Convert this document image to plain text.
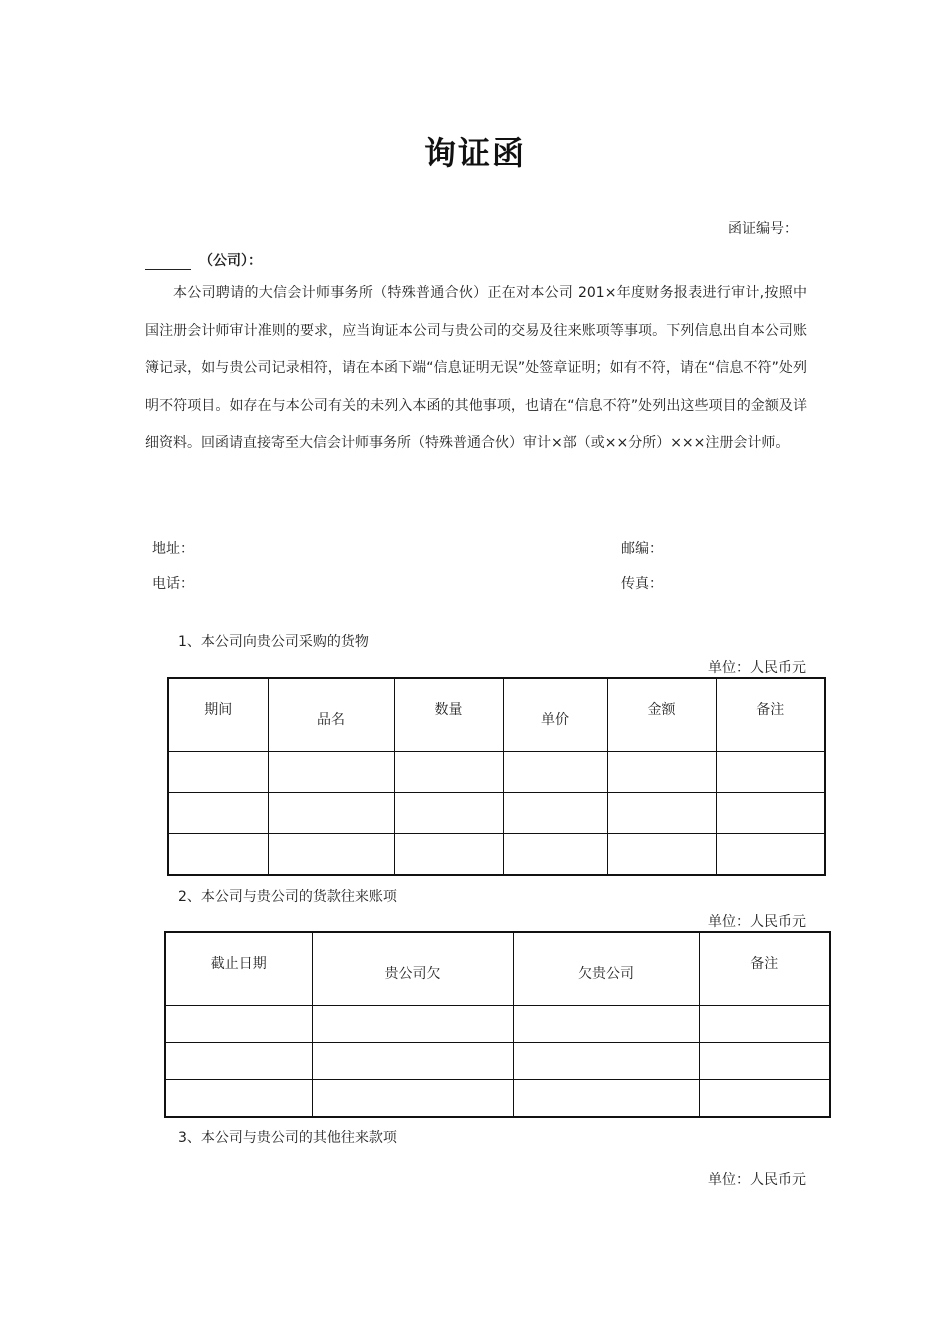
询证函
函证编号：
（公司）：
本公司聘请的大信会计师事务所（特殊普通合伙）正在对本公司 201×年度财务报表进行审计,按照中国注册会计师审计准则的要求，应当询证本公司与贵公司的交易及往来账项等事项。下列信息出自本公司账簿记录，如与贵公司记录相符，请在本函下端“信息证明无误”处签章证明；如有不符，请在“信息不符”处列明不符项目。如存在与本公司有关的未列入本函的其他事项，也请在“信息不符”处列出这些项目的金额及详细资料。回函请直接寄至大信会计师事务所（特殊普通合伙）审计×部（或××分所）×××注册会计师。
地址：	邮编：
电话：	传真：
1、本公司向贵公司采购的货物
单位：人民币元
期间	品名	数量	单价	金额	备注

2、本公司与贵公司的货款往来账项
单位：人民币元
截止日期	贵公司欠	欠贵公司	备注

3、本公司与贵公司的其他往来款项
单位：人民币元
